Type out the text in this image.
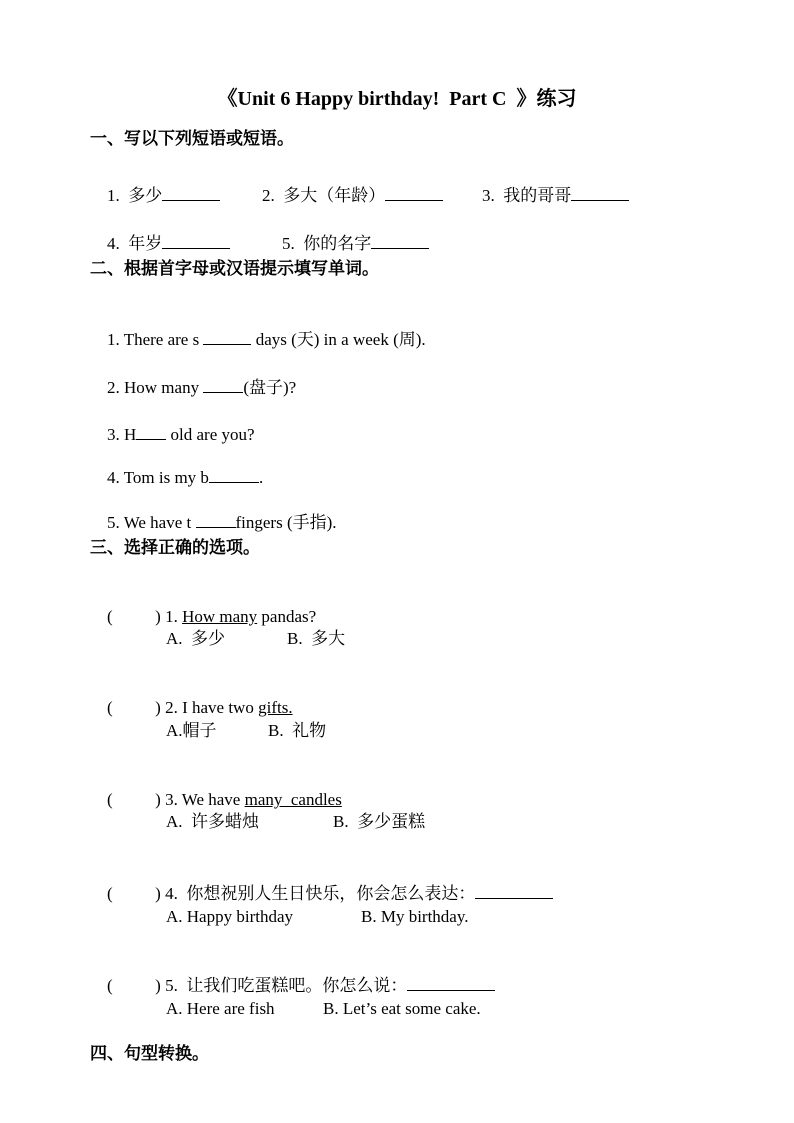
《Unit 6 Happy birthday!  Part C  》练习
一、写以下列短语或短语。

1.  多少
	2.  多大（年龄）
	3.  我的哥哥

4.  年岁
	5.  你的名字

二、根据首字母或汉语提示填写单词。

1. There are s	days (天) in a week (周).

2. How many (盘子)?

3. H old are you?

4. Tom is my b	.

5. We have t fingers (手指).

三、选择正确的选项。

(          ) 1. How many pandas?

A.  多少	B.  多大

(          ) 2. I have two gifts.

A.帽子	B.  礼物

(          ) 3. We have many  candles

A.  许多蜡烛	B.  多少蛋糕

(          ) 4.  你想祝别人生日快乐，你会怎么表达：

A. Happy birthday	B. My birthday.

(          ) 5.  让我们吃蛋糕吧。你怎么说：

A. Here are fish	B. Let’s eat some cake.
四、句型转换。
